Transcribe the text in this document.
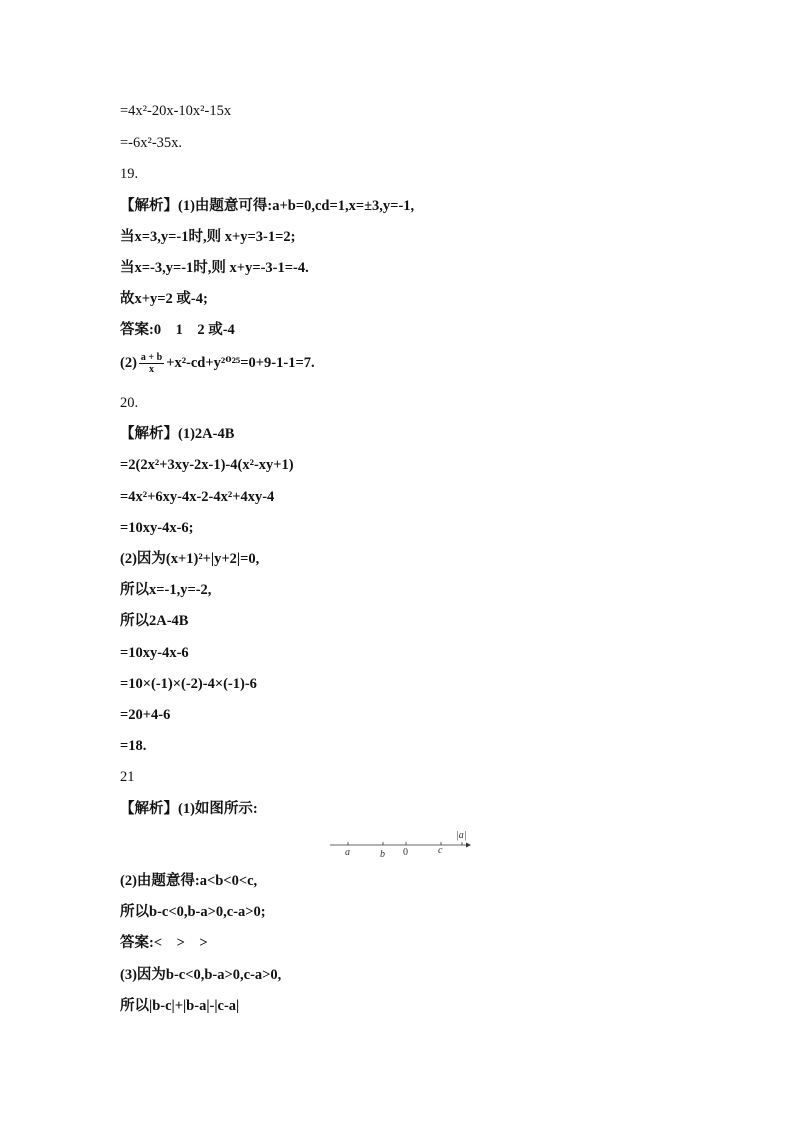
=4x²-20x-10x²-15x
=-6x²-35x.
19.
【解析】(1)由题意可得:a+b=0,cd=1,x=±3,y=-1,
当x=3,y=-1时,则 x+y=3-1=2;
当x=-3,y=-1时,则 x+y=-3-1=-4.
故x+y=2 或-4;
答案:0　1　2 或-4
$(2) \frac{a + b}{x} +x^2-cd+y^{2025}=0+9-1-1=7$.
20.
【解析】(1)2A-4B
=2(2x²+3xy-2x-1)-4(x²-xy+1)
=4x²+6xy-4x-2-4x²+4xy-4
=10xy-4x-6;
(2)因为(x+1)²+|y+2|=0,
所以x=-1,y=-2,
所以2A-4B
=10xy-4x-6
=10×(-1)×(-2)-4×(-1)-6
=20+4-6
=18.
21
【解析】(1)如图所示:
a	b 0	c
|a|
(2)由题意得:a<b<0<c,
所以b-c<0,b-a>0,c-a>0;
答案:<　>　>
(3)因为b-c<0,b-a>0,c-a>0,
所以|b-c|+|b-a|-|c-a|
